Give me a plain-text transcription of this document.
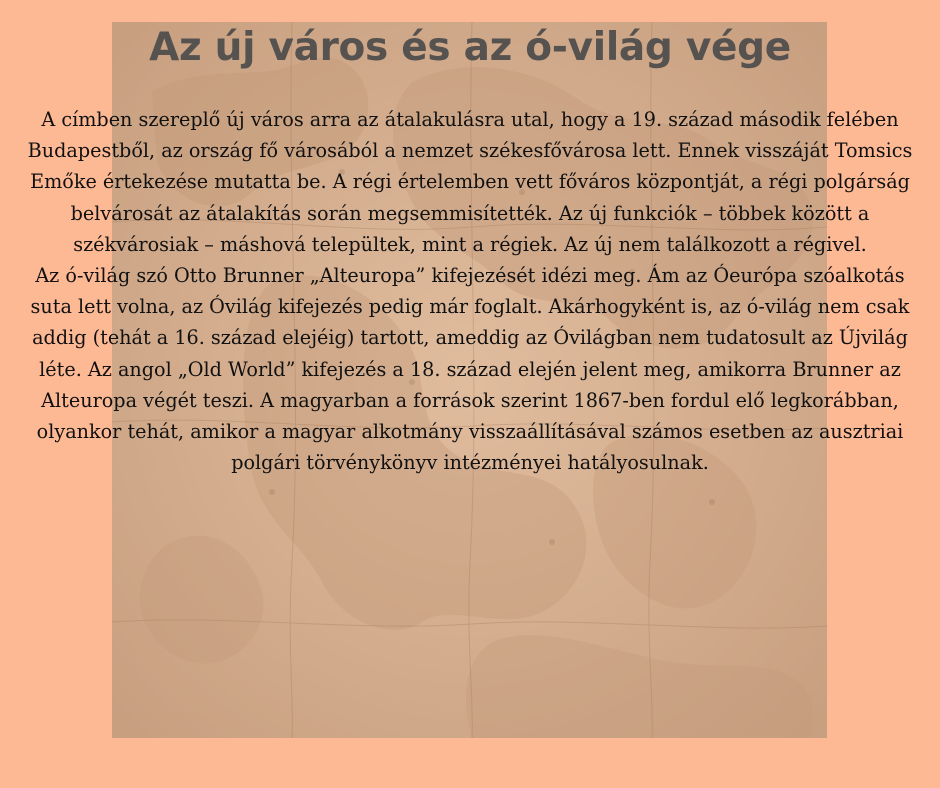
Az új város és az ó-világ vége

A címben szereplő új város arra az átalakulásra utal, hogy a 19. század második felében Budapestből, az ország fő városából a nemzet székesfővárosa lett. Ennek visszáját Tomsics Emőke értekezése mutatta be. A régi értelemben vett főváros központját, a régi polgárság belvárosát az átalakítás során megsemmisítették. Az új funkciók – többek között a székvárosiak – máshová települtek, mint a régiek. Az új nem találkozott a régivel.

Az ó-világ szó Otto Brunner „Alteuropa” kifejezését idézi meg. Ám az Óeurópa szóalkotás suta lett volna, az Óvilág kifejezés pedig már foglalt. Akárhogyként is, az ó-világ nem csak addig (tehát a 16. század elejéig) tartott, ameddig az Óvilágban nem tudatosult az Újvilág léte. Az angol „Old World” kifejezés a 18. század elején jelent meg, amikorra Brunner az Alteuropa végét teszi. A magyarban a források szerint 1867-ben fordul elő legkorábban, olyankor tehát, amikor a magyar alkotmány visszaállításával számos esetben az ausztriai polgári törvénykönyv intézményei hatályosulnak.
